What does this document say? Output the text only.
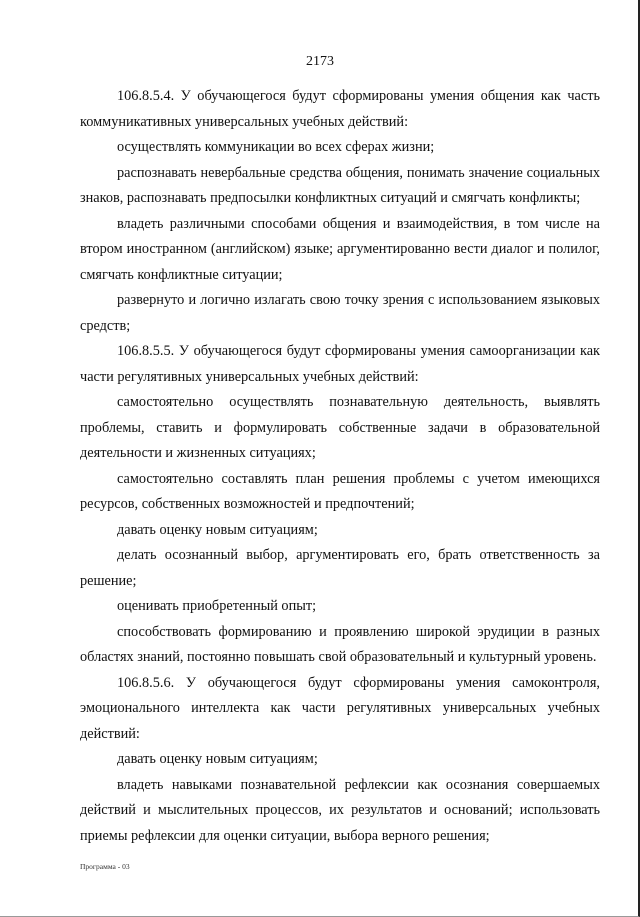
2173

106.8.5.4. У обучающегося будут сформированы умения общения как часть коммуникативных универсальных учебных действий:

осуществлять коммуникации во всех сферах жизни;

распознавать невербальные средства общения, понимать значение социальных знаков, распознавать предпосылки конфликтных ситуаций и смягчать конфликты;

владеть различными способами общения и взаимодействия, в том числе на втором иностранном (английском) языке; аргументированно вести диалог и полилог, смягчать конфликтные ситуации;

развернуто и логично излагать свою точку зрения с использованием языковых средств;

106.8.5.5. У обучающегося будут сформированы умения самоорганизации как части регулятивных универсальных учебных действий:

самостоятельно осуществлять познавательную деятельность, выявлять проблемы, ставить и формулировать собственные задачи в образовательной деятельности и жизненных ситуациях;

самостоятельно составлять план решения проблемы с учетом имеющихся ресурсов, собственных возможностей и предпочтений;

давать оценку новым ситуациям;

делать осознанный выбор, аргументировать его, брать ответственность за решение;

оценивать приобретенный опыт;

способствовать формированию и проявлению широкой эрудиции в разных областях знаний, постоянно повышать свой образовательный и культурный уровень.

106.8.5.6. У обучающегося будут сформированы умения самоконтроля, эмоционального интеллекта как части регулятивных универсальных учебных действий:

давать оценку новым ситуациям;

владеть навыками познавательной рефлексии как осознания совершаемых действий и мыслительных процессов, их результатов и оснований; использовать приемы рефлексии для оценки ситуации, выбора верного решения;

Программа - 03
